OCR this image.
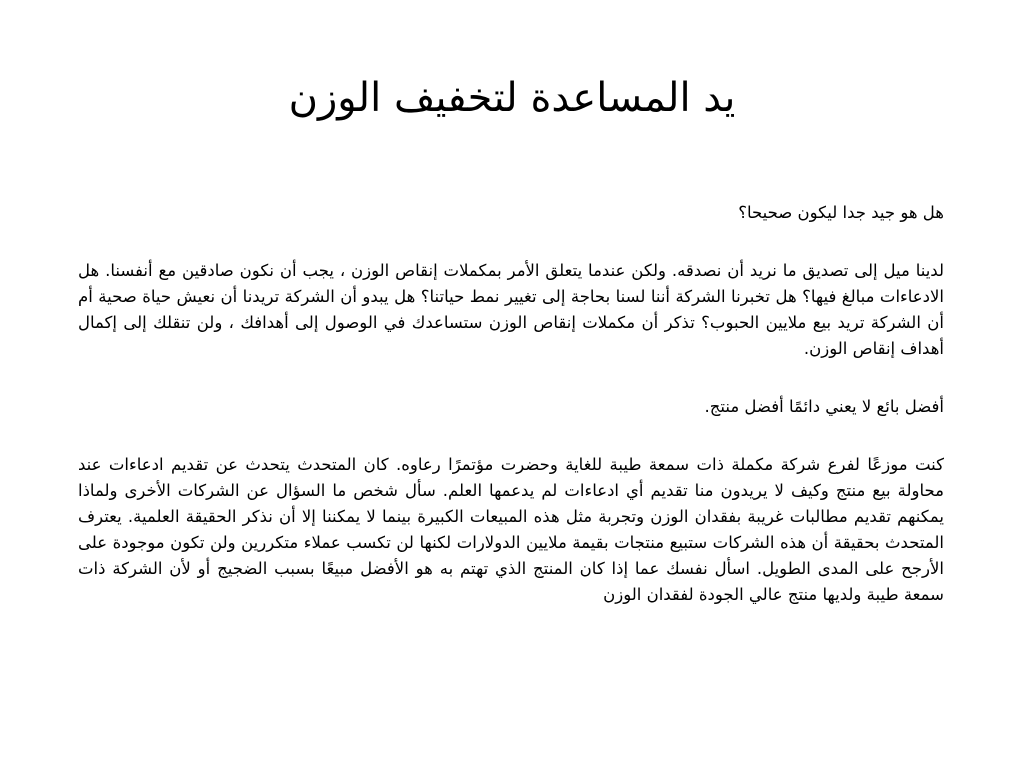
يد المساعدة لتخفيف الوزن

هل هو جيد جدا ليكون صحيحا؟

لدينا ميل إلى تصديق ما نريد أن نصدقه. ولكن عندما يتعلق الأمر بمكملات إنقاص الوزن ، يجب أن نكون صادقين مع أنفسنا. هل الادعاءات مبالغ فيها؟ هل تخبرنا الشركة أننا لسنا بحاجة إلى تغيير نمط حياتنا؟ هل يبدو أن الشركة تريدنا أن نعيش حياة صحية أم أن الشركة تريد بيع ملايين الحبوب؟ تذكر أن مكملات إنقاص الوزن ستساعدك في الوصول إلى أهدافك ، ولن تنقلك إلى إكمال أهداف إنقاص الوزن.

أفضل بائع لا يعني دائمًا أفضل منتج.

كنت موزعًا لفرع شركة مكملة ذات سمعة طيبة للغاية وحضرت مؤتمرًا رعاوه. كان المتحدث يتحدث عن تقديم ادعاءات عند محاولة بيع منتج وكيف لا يريدون منا تقديم أي ادعاءات لم يدعمها العلم. سأل شخص ما السؤال عن الشركات الأخرى ولماذا يمكنهم تقديم مطالبات غريبة بفقدان الوزن وتجربة مثل هذه المبيعات الكبيرة بينما لا يمكننا إلا أن نذكر الحقيقة العلمية. يعترف المتحدث بحقيقة أن هذه الشركات ستبيع منتجات بقيمة ملايين الدولارات لكنها لن تكسب عملاء متكررين ولن تكون موجودة على الأرجح على المدى الطويل. اسأل نفسك عما إذا كان المنتج الذي تهتم به هو الأفضل مبيعًا بسبب الضجيج أو لأن الشركة ذات سمعة طيبة ولديها منتج عالي الجودة لفقدان الوزن
